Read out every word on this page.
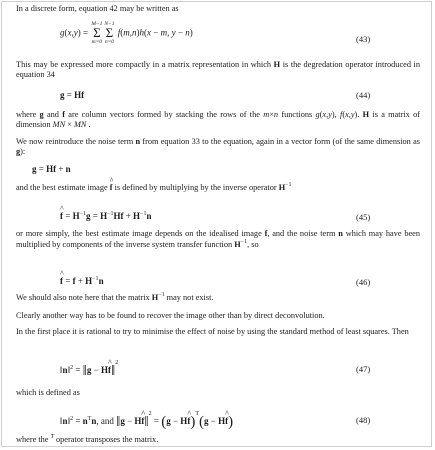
In a discrete form, equation 42 may be written as

g(x,y) =
M−1
Σ
m=0
N−1
Σ
n=0
f(m,n)h(x − m, y − n)
(43)

This may be expressed more compactly in a matrix representation in which H is the degredation operator introduced in equation 34

g = Hf	(44)

where g and f are column vectors formed by stacking the rows of the m×n functions g(x,y), f(x,y). H is a matrix of dimension MN × MN .

We now reintroduce the noise term n from equation 33 to the equation, again in a vector form (of the same dimension as g):

g = Hf + n

and the best estimate image ^ f is defined by multiplying by the inverse operator $H^{-1}$

^ $f = H^{-1}g = H^{-1}Hf + H^{-1}n$	(45)

or more simply, the best estimate image depends on the idealised image f, and the noise term n which may have been multiplied by components of the inverse system transfer function $H^{-1}$, so

^ $f = f + H^{-1}n$	(46)

We should also note here that the matrix $H^{-1}$ may not exist.

Clearly another way has to be found to recover the image other than by direct deconvolution.

In the first place it is rational to try to minimise the effect of noise by using the standard method of least squares. Then

‖n‖$^2$ = ‖g − H^ f‖$^2$
(47)

which is defined as

‖n‖$^2$ = $n^Tn$, and ‖g − H^ f‖$^2$ = (g − H^ f)$^T$(g − H^ f)	(48)

where the $^T$ operator transposes the matrix.
